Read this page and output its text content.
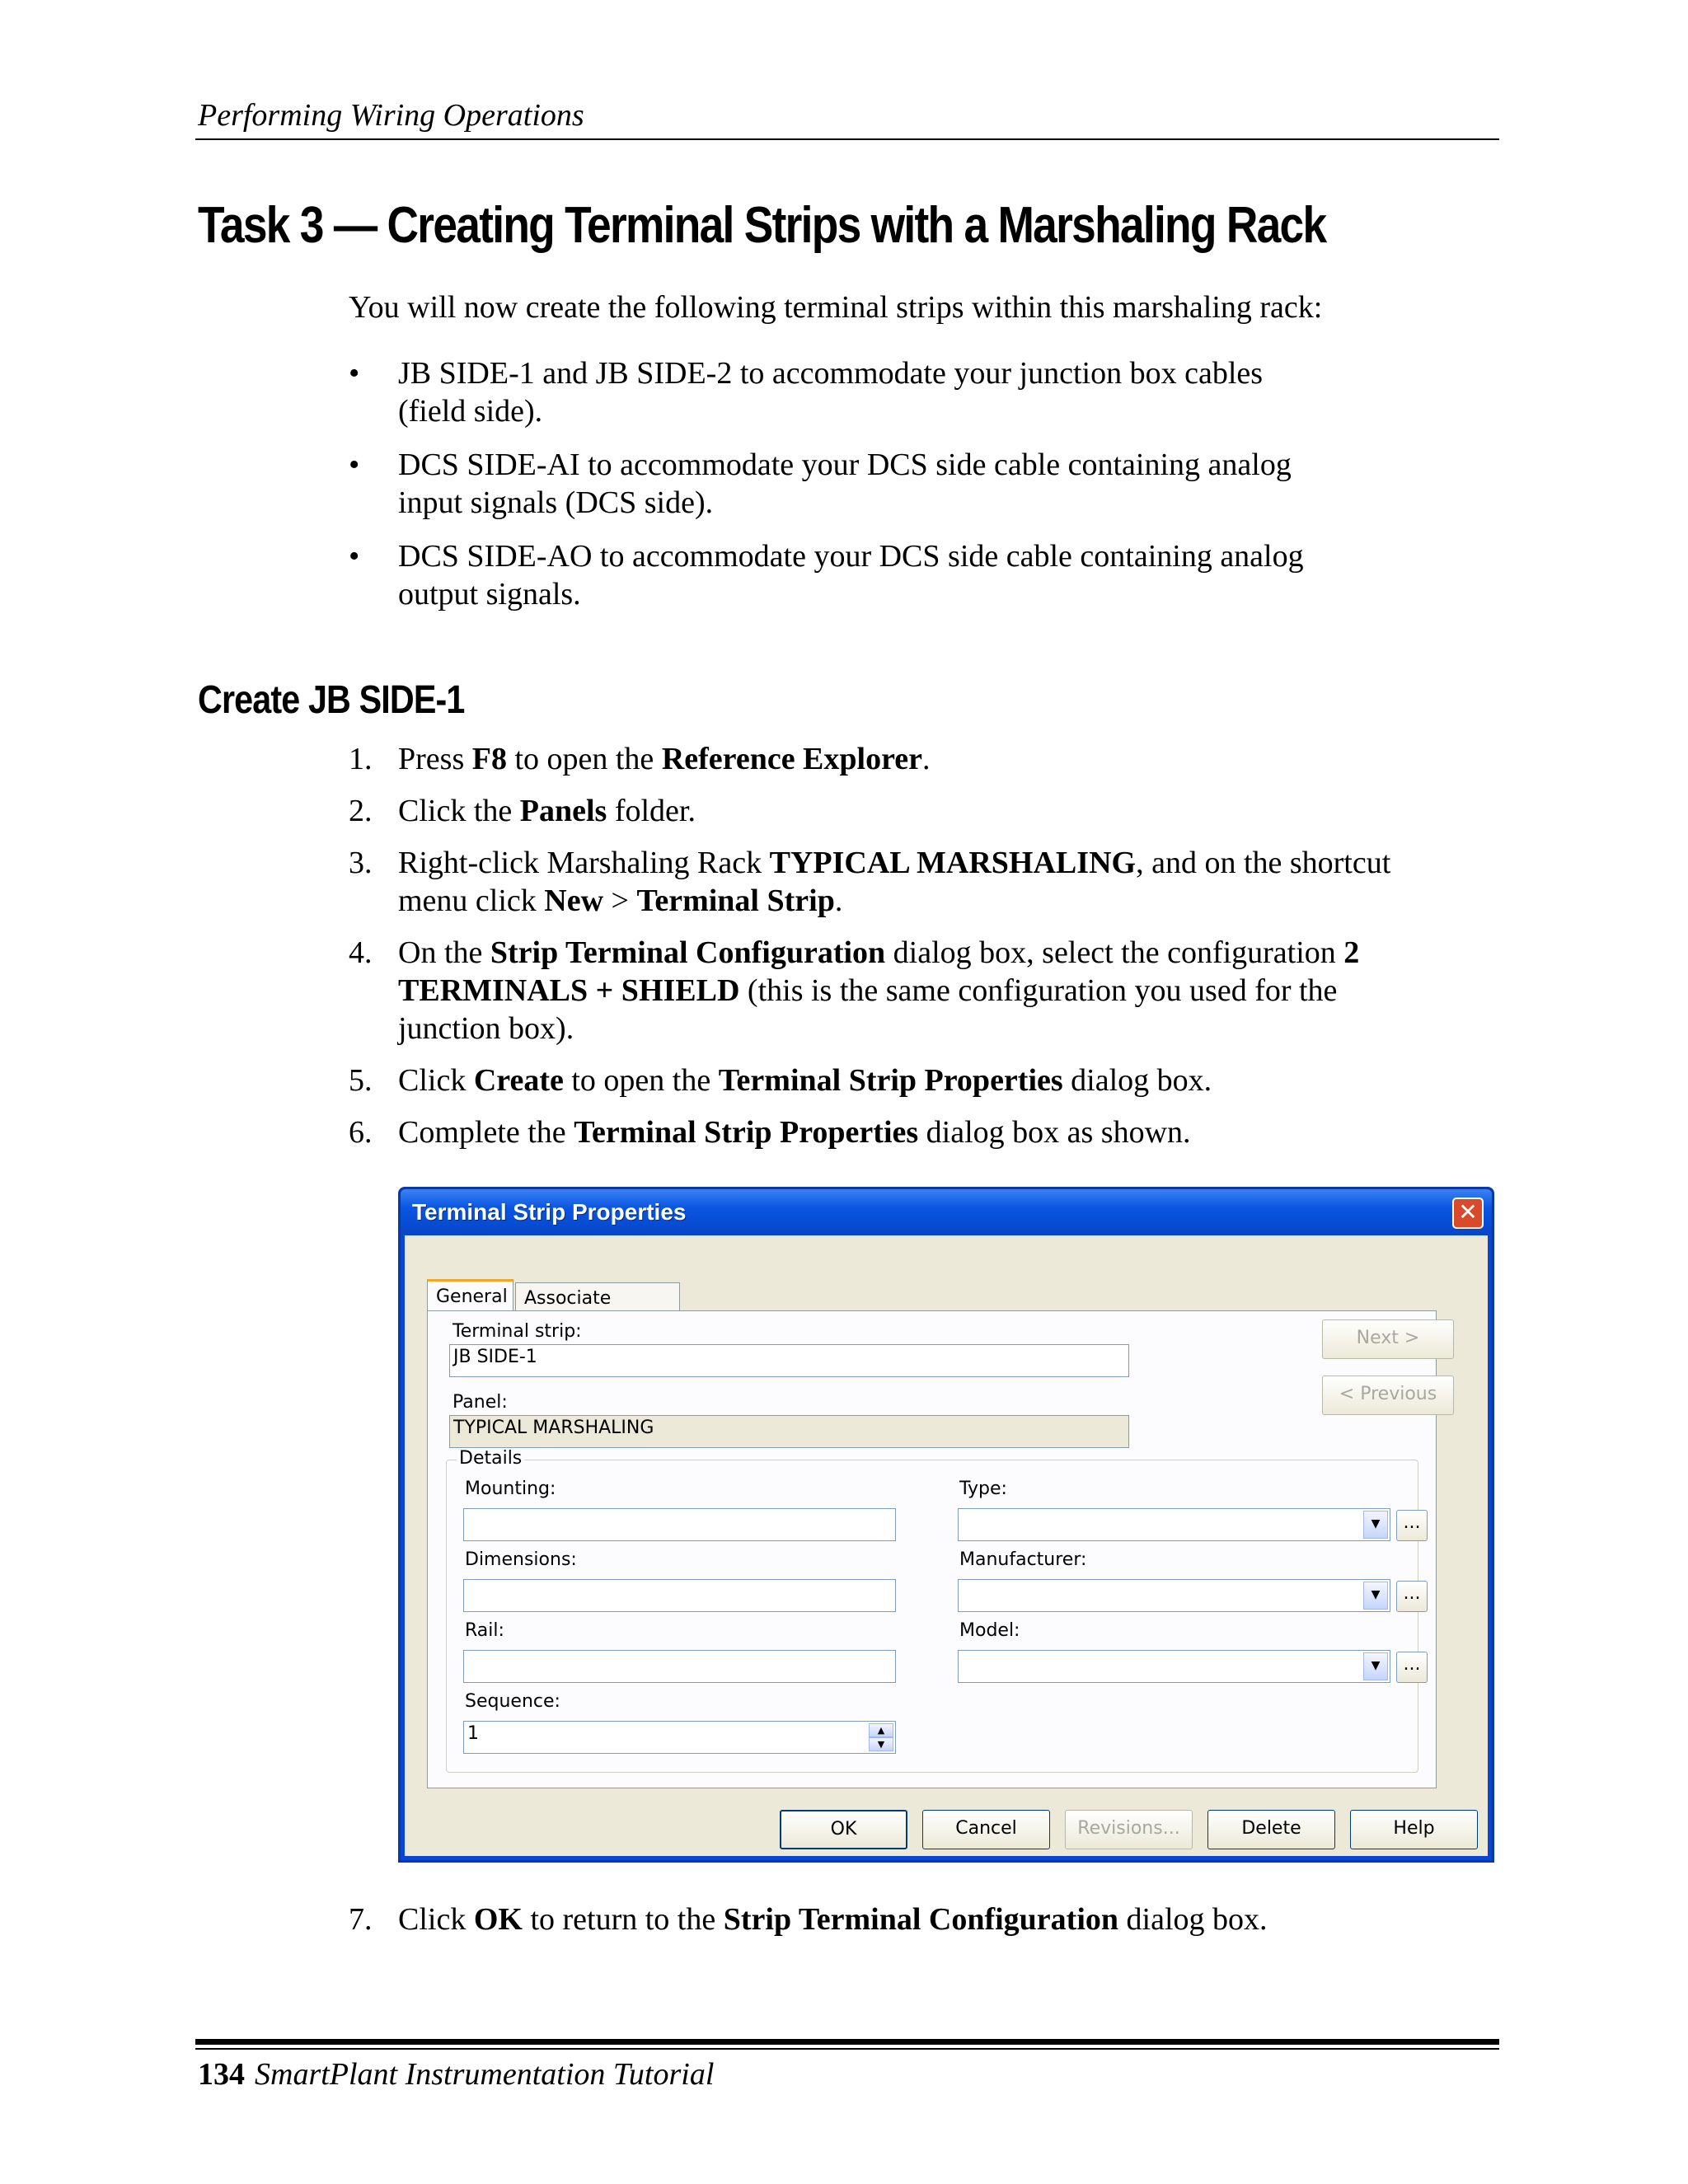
Performing Wiring Operations
Task 3 — Creating Terminal Strips with a Marshaling Rack
You will now create the following terminal strips within this marshaling rack:
•	JB SIDE-1 and JB SIDE-2 to accommodate your junction box cables
(field side).
•	DCS SIDE-AI to accommodate your DCS side cable containing analog
input signals (DCS side).
•	DCS SIDE-AO to accommodate your DCS side cable containing analog
output signals.
Create JB SIDE-1
1. Press F8 to open the Reference Explorer.
2. Click the Panels folder.
3. Right-click Marshaling Rack TYPICAL MARSHALING, and on the shortcut
menu click New > Terminal Strip.
4. On the Strip Terminal Configuration dialog box, select the configuration 2
TERMINALS + SHIELD (this is the same configuration you used for the
junction box).
5. Click Create to open the Terminal Strip Properties dialog box.
6. Complete the Terminal Strip Properties dialog box as shown.
Terminal Strip Properties	✕
General Associate
Terminal strip:
JB SIDE-1
Panel:
TYPICAL MARSHALING
Next >
< Previous
Details
Mounting:
Dimensions:
Rail:
Sequence:
1	▲
▼
Type:
▼	...
Manufacturer:
▼	...
Model:
▼	...
OK	Cancel	Revisions...	Delete	Help
7. Click OK to return to the Strip Terminal Configuration dialog box.
134 SmartPlant Instrumentation Tutorial
